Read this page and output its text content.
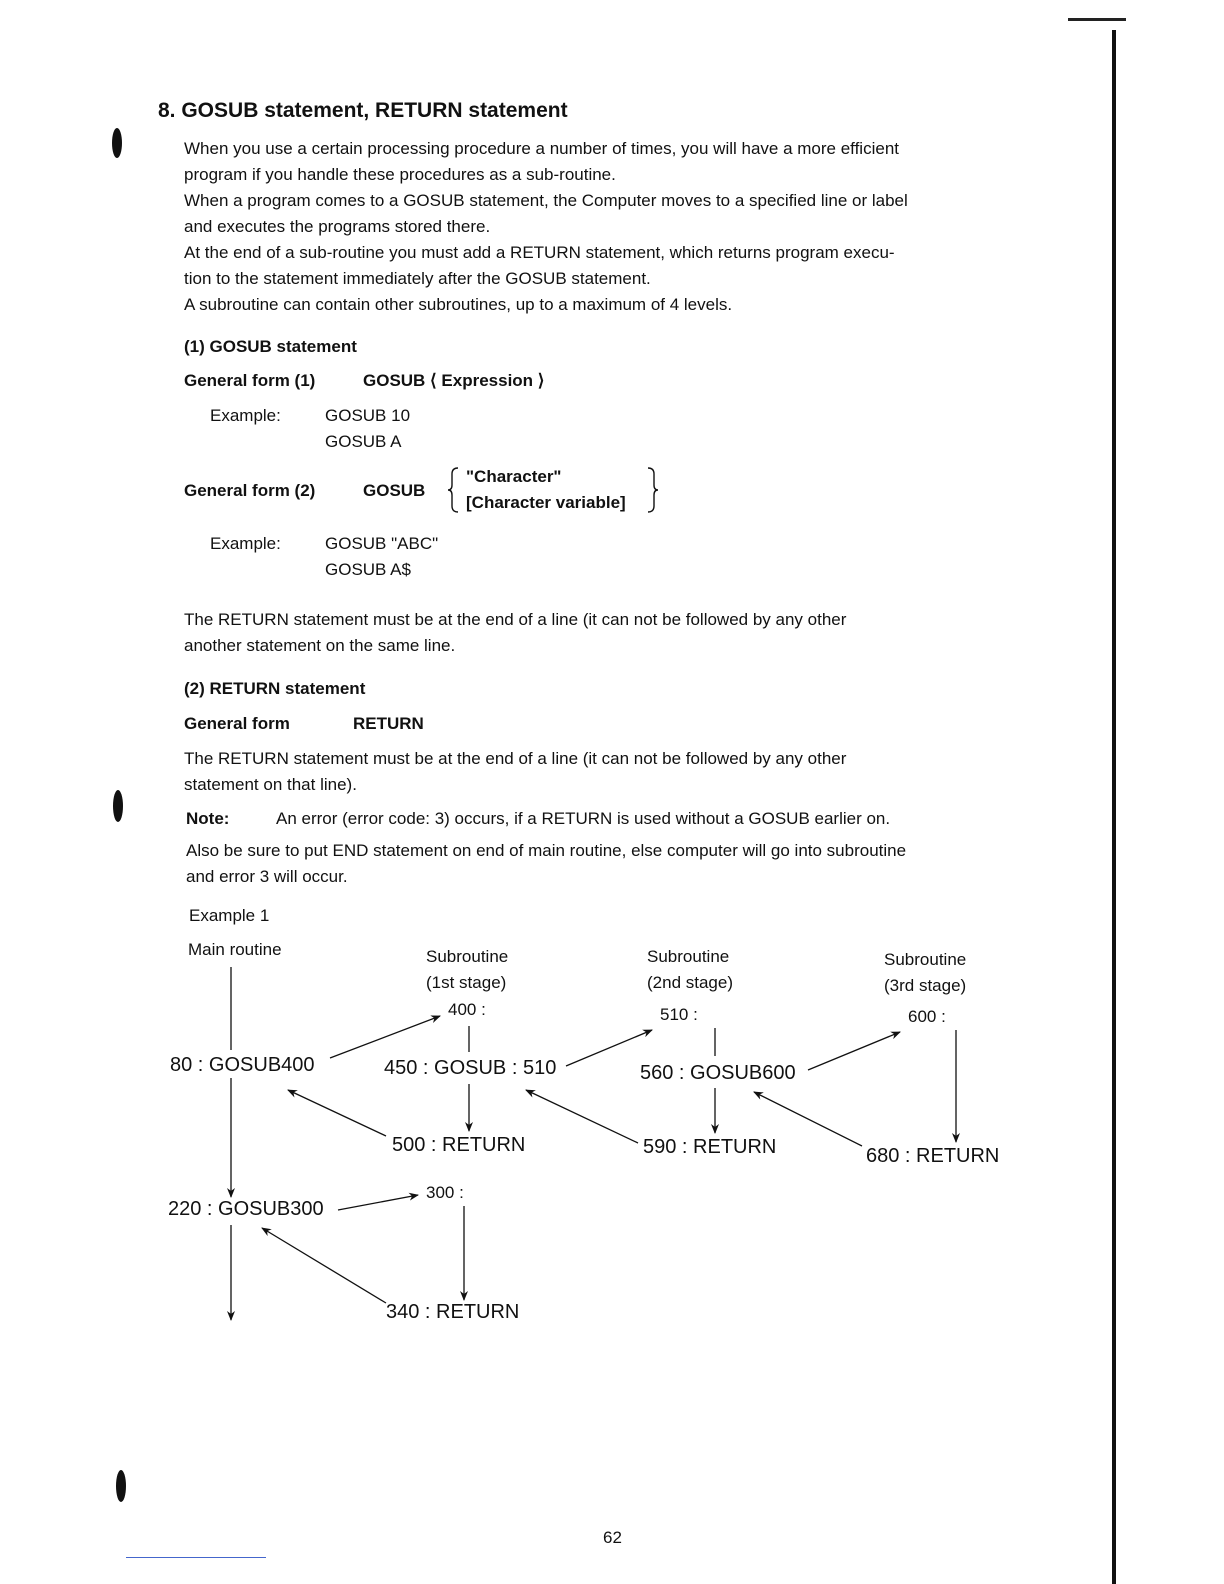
8. GOSUB statement, RETURN statement
When you use a certain processing procedure a number of times, you will have a more efficient
program if you handle these procedures as a sub-routine.
When a program comes to a GOSUB statement, the Computer moves to a specified line or label
and executes the programs stored there.
At the end of a sub-routine you must add a RETURN statement, which returns program execu-
tion to the statement immediately after the GOSUB statement.
A subroutine can contain other subroutines, up to a maximum of 4 levels.
(1) GOSUB statement
General form (1)	GOSUB ⟨ Expression ⟩
Example:	GOSUB 10
GOSUB A
General form (2)	GOSUB
"Character"
[Character variable]
Example:	GOSUB "ABC"
GOSUB A$
The RETURN statement must be at the end of a line (it can not be followed by any other
another statement on the same line.
(2) RETURN statement
General form	RETURN
The RETURN statement must be at the end of a line (it can not be followed by any other
statement on that line).
Note:	An error (error code: 3) occurs, if a RETURN is used without a GOSUB earlier on.
Also be sure to put END statement on end of main routine, else computer will go into subroutine
and error 3 will occur.
Example 1
Main routine	Subroutine
(1st stage)
Subroutine
(2nd stage)
Subroutine
(3rd stage)
80 : GOSUB400
220 : GOSUB300
400 :
450 : GOSUB : 510
500 : RETURN
510 :
560 : GOSUB600
590 : RETURN
600 :
680 : RETURN
300 :
340 : RETURN
62
